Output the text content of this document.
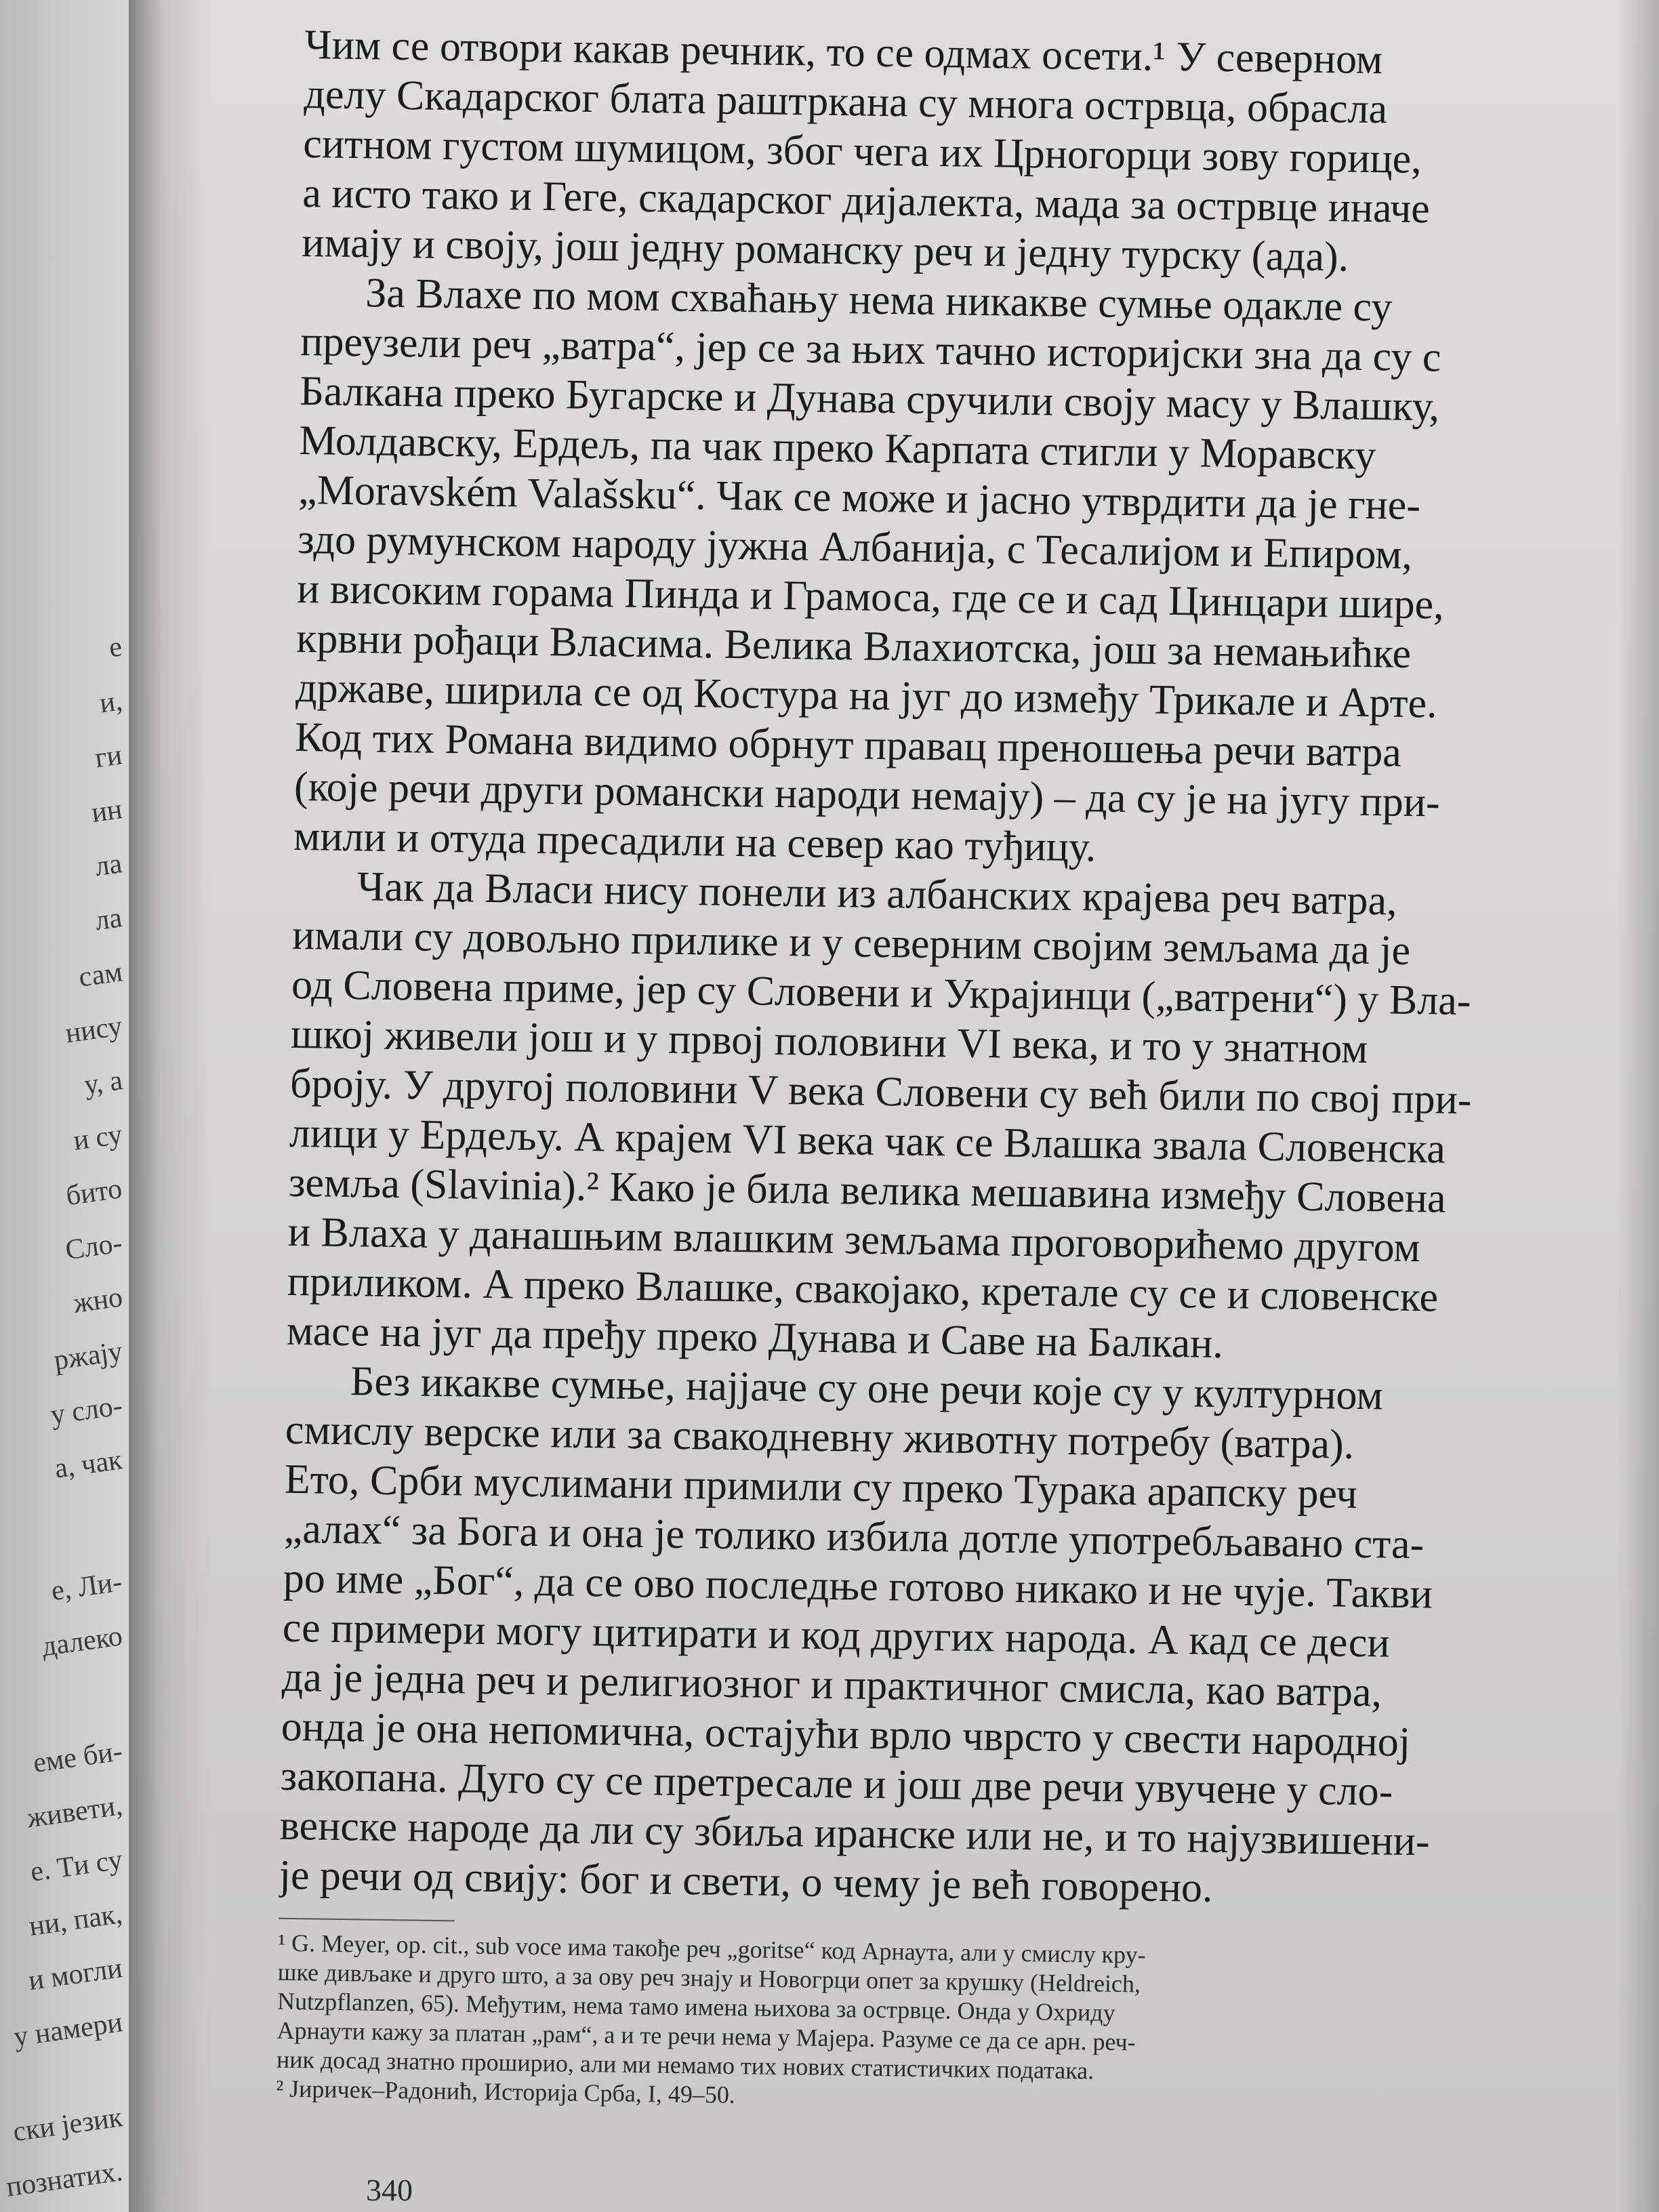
е
и,
ги
ин
ла
ла
сам
нису
у, а
и су
бито
Сло-
жно
ржају
у сло-
а, чак
е, Ли-
далеко
еме би-
живети,
е. Ти су
ни, пак,
и могли
у намери
ски језик
познатих.
Чим се отвори какав речник, то се одмах осети.¹ У северном
делу Скадарског блата раштркана су многа острвца, обрасла
ситном густом шумицом, због чега их Црногорци зову горице,
а исто тако и Геге, скадарског дијалекта, мада за острвце иначе
имају и своју, још једну романску реч и једну турску (ада).
За Влахе по мом схваћању нема никакве сумње одакле су
преузели реч „ватра“, јер се за њих тачно историјски зна да су с
Балкана преко Бугарске и Дунава сручили своју масу у Влашку,
Молдавску, Ердељ, па чак преко Карпата стигли у Моравску
„Moravském Valašsku“. Чак се може и јасно утврдити да је гне-
здо румунском народу јужна Албанија, с Тесалијом и Епиром,
и високим горама Пинда и Грамоса, где се и сад Цинцари шире,
крвни рођаци Власима. Велика Влахиотска, још за немањићке
државе, ширила се од Костура на југ до између Трикале и Арте.
Код тих Романа видимо обрнут правац преношења речи ватра
(које речи други романски народи немају) – да су је на југу при-
мили и отуда пресадили на север као туђицу.
Чак да Власи нису понели из албанских крајева реч ватра,
имали су довољно прилике и у северним својим земљама да је
од Словена приме, јер су Словени и Украјинци („ватрени“) у Вла-
шкој живели још и у првој половини VI века, и то у знатном
броју. У другој половини V века Словени су већ били по свој при-
лици у Ердељу. А крајем VI века чак се Влашка звала Словенска
земља (Slavinia).² Како је била велика мешавина између Словена
и Влаха у данашњим влашким земљама проговорићемо другом
приликом. А преко Влашке, свакојако, кретале су се и словенске
масе на југ да пређу преко Дунава и Саве на Балкан.
Без икакве сумње, најјаче су оне речи које су у културном
смислу верске или за свакодневну животну потребу (ватра).
Ето, Срби муслимани примили су преко Турака арапску реч
„алах“ за Бога и она је толико избила дотле употребљавано ста-
ро име „Бог“, да се ово последње готово никако и не чује. Такви
се примери могу цитирати и код других народа. А кад се деси
да је једна реч и религиозног и практичног смисла, као ватра,
онда је она непомична, остајући врло чврсто у свести народној
закопана. Дуго су се претресале и још две речи увучене у сло-
венске народе да ли су збиља иранске или не, и то најузвишени-
је речи од свију: бог и свети, о чему је већ говорено.
¹ G. Meyer, op. cit., sub voce има такође реч „goritse“ код Арнаута, али у смислу кру-
шке дивљаке и друго што, а за ову реч знају и Новогрци опет за крушку (Heldreich,
Nutzpflanzen, 65). Међутим, нема тамо имена њихова за острвце. Онда у Охриду
Арнаути кажу за платан „рам“, а и те речи нема у Мајера. Разуме се да се арн. реч-
ник досад знатно проширио, али ми немамо тих нових статистичких података.
² Јиричек–Радонић, Историја Срба, I, 49–50.
340
